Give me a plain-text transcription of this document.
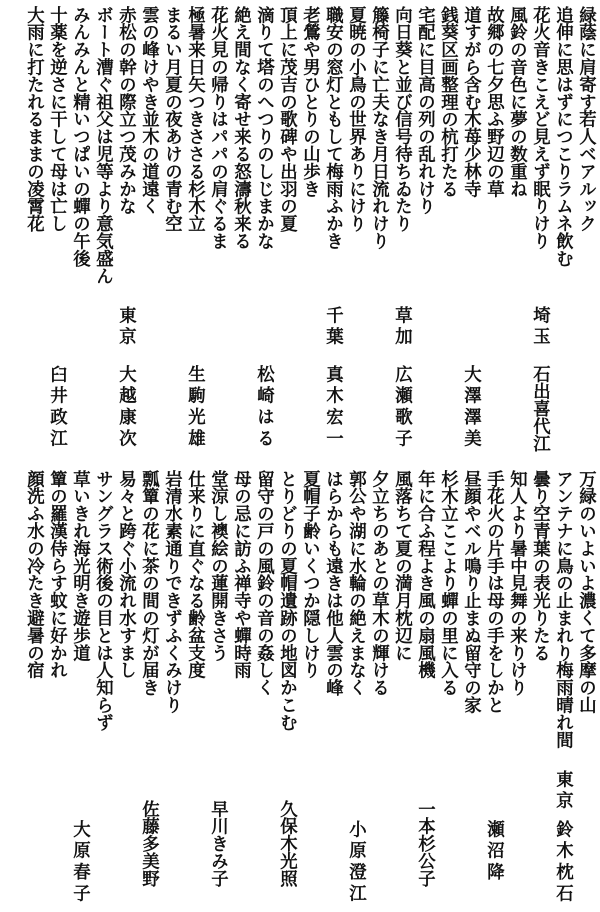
緑蔭に肩寄す若人ベアルック
追伸に思はずにつこりラムネ飲む
花火音きこえど見えず眠りけり
風鈴の音色に夢の数重ね
故郷の七夕思ふ野辺の草
道すがら含む木苺少林寺
銭葵区画整理の杭打たる
宅配に目高の列の乱れけり
向日葵と並び信号待ちゐたり
籐椅子に亡夫なき月日流れけり
夏暁の小鳥の世界ありにけり
職安の窓灯ともして梅雨ふかき
老鶯や男ひとりの山歩き
頂上に茂吉の歌碑や出羽の夏
滴りて塔のへつりのしじまかな
絶え間なく寄せ来る怒濤秋来る
花火見の帰りはパパの肩ぐるま
極暑来日矢つきささる杉木立
まるい月夏の夜あけの青む空
雲の峰けやき並木の道遠く
赤松の幹の際立つ茂みかな
ボート漕ぐ祖父は児等より意気盛ん
みんみんと精いつぱいの蟬の午後
十薬を逆さに干して母は亡し
大雨に打たれるままの凌霄花
埼玉
石出喜代江
大澤澤美
草加
広瀬歌子
千葉
真木宏一
松崎はる
生駒光雄
東京
大越康次
臼井政江
万緑のいよいよ濃くて多摩の山
アンテナに鳥の止まれり梅雨晴れ間
曇り空青葉の表光りたる
知人より暑中見舞の来りけり
手花火の片手は母の手をしかと
昼顔やベル鳴り止まぬ留守の家
杉木立ここより蟬の里に入る
年に合ふ程よき風の扇風機
風落ちて夏の満月枕辺に
夕立ちのあとの草木の輝ける
郭公や湖に水輪の絶えまなく
はらからも遠きは他人雲の峰
夏帽子齢いくつか隠しけり
とりどりの夏帽遺跡の地図かこむ
留守の戸の風鈴の音の姦しく
母の忌に訪ふ禅寺や蟬時雨
堂涼し襖絵の蓮開きさう
仕来りに直ぐなる齢盆支度
岩清水素通りできずふくみけり
瓢簞の花に茶の間の灯が届き
易々と跨ぐ小流れ水すまし
サングラス術後の目とは人知らず
草いきれ海光明き遊歩道
簞の羅漢侍らす蚊に好かれ
顔洗ふ水の冷たき避暑の宿
東京
鈴木枕石
瀬沼降
一本杉公子
小原澄江
久保木光照
早川きみ子
佐藤多美野
大原春子
